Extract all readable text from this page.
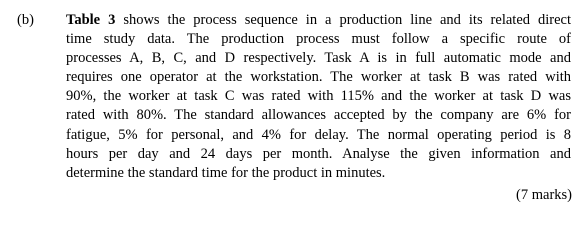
(b) Table 3 shows the process sequence in a production line and its related direct
time study data. The production process must follow a specific route of
processes A, B, C, and D respectively. Task A is in full automatic mode and
requires one operator at the workstation. The worker at task B was rated with
90%, the worker at task C was rated with 115% and the worker at task D was
rated with 80%. The standard allowances accepted by the company are 6% for
fatigue, 5% for personal, and 4% for delay. The normal operating period is 8
hours per day and 24 days per month. Analyse the given information and
determine the standard time for the product in minutes.
(7 marks)
